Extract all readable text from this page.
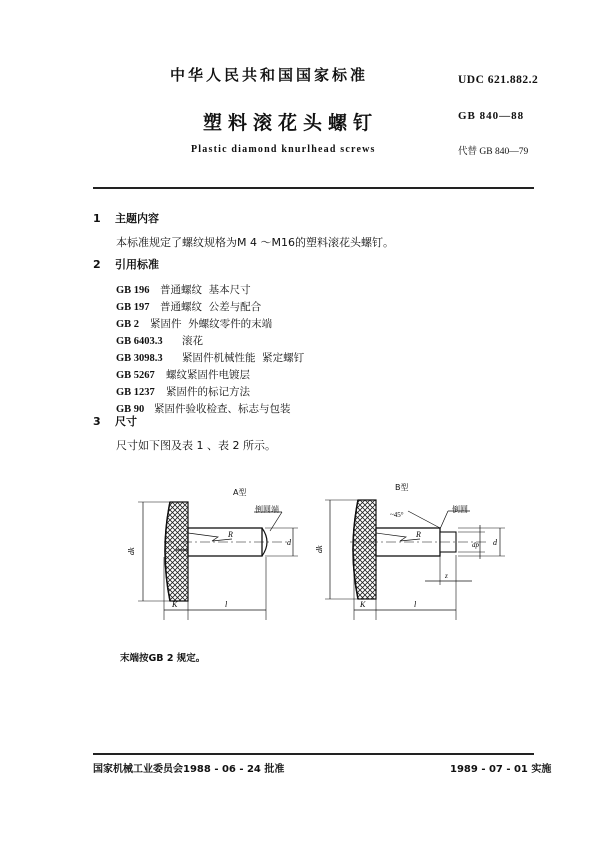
中华人民共和国国家标准	UDC 621.882.2
塑料滚花头螺钉	GB 840—88
Plastic diamond knurlhead screws	代替 GB 840—79
1 主题内容
本标准规定了螺纹规格为M 4 ～M16的塑料滚花头螺钉。
2 引用标准
GB 196 普通螺纹  基本尺寸
GB 197 普通螺纹  公差与配合
GB 2 紧固件  外螺纹零件的末端
GB 6403.3 滚花
GB 3098.3 紧固件机械性能  紧定螺钉
GB 5267 螺纹紧固件电镀层
GB 1237 紧固件的标记方法
GB 90 紧固件验收检查、标志与包装
3 尺寸
尺寸如下图及表 1 、表 2 所示。
A型
R
dk
d
K	l
倒圆端
B型
R
dk
~45°
dp d
z
K	l
倒圆
末端按GB 2 规定。
国家机械工业委员会1988 - 06 - 24 批准	1989 - 07 - 01 实施
